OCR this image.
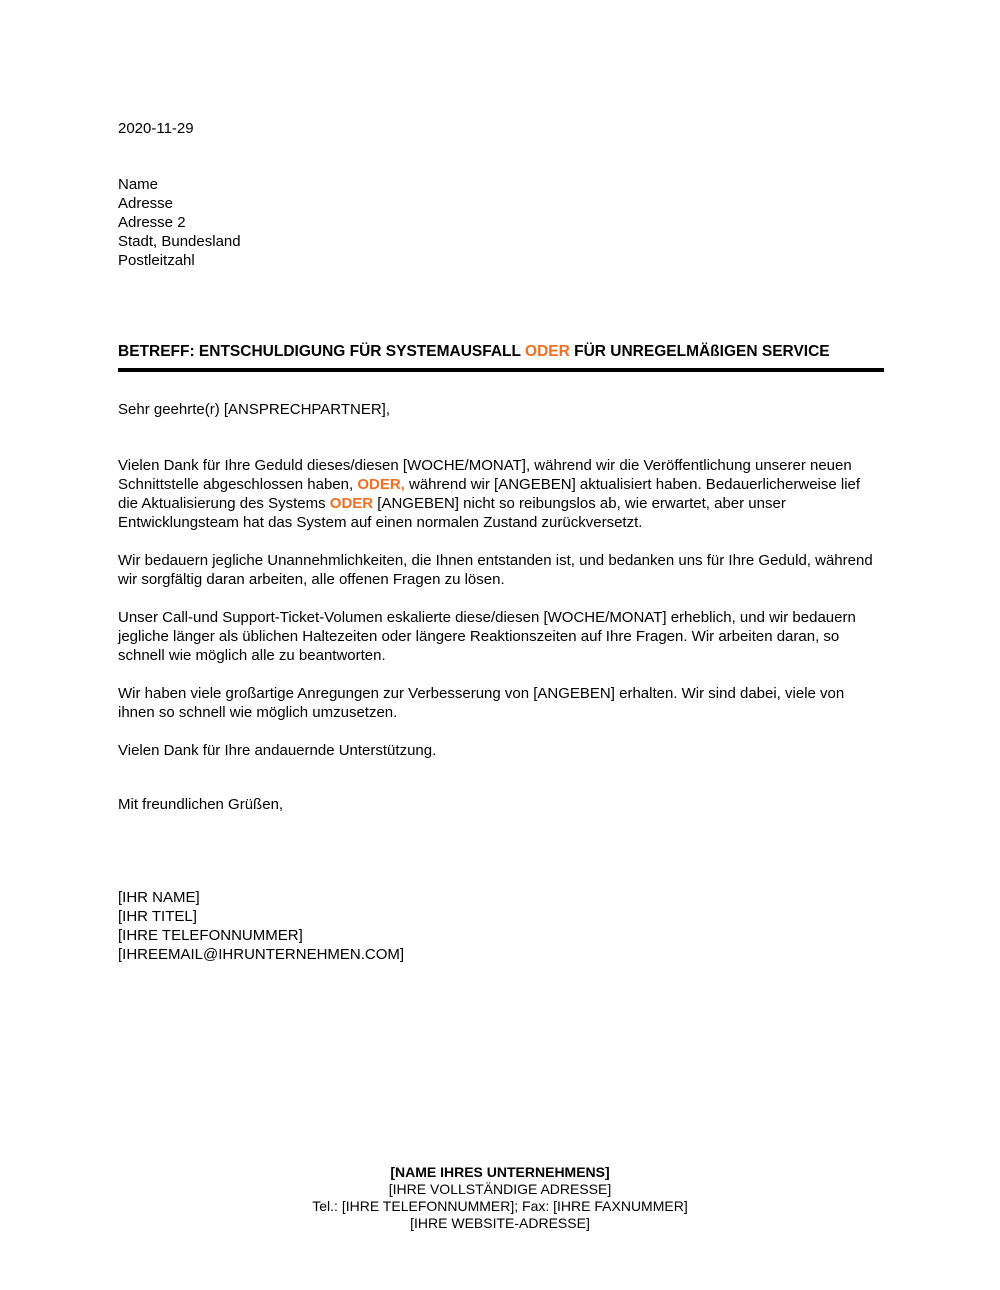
2020-11-29
Name
Adresse
Adresse 2
Stadt, Bundesland
Postleitzahl
BETREFF: ENTSCHULDIGUNG FÜR SYSTEMAUSFALL ODER FÜR UNREGELMÄßIGEN SERVICE
Sehr geehrte(r) [ANSPRECHPARTNER],

Vielen Dank für Ihre Geduld dieses/diesen [WOCHE/MONAT], während wir die Veröffentlichung unserer neuen Schnittstelle abgeschlossen haben, ODER, während wir [ANGEBEN] aktualisiert haben. Bedauerlicherweise lief die Aktualisierung des Systems ODER [ANGEBEN] nicht so reibungslos ab, wie erwartet, aber unser Entwicklungsteam hat das System auf einen normalen Zustand zurückversetzt.

Wir bedauern jegliche Unannehmlichkeiten, die Ihnen entstanden ist, und bedanken uns für Ihre Geduld, während wir sorgfältig daran arbeiten, alle offenen Fragen zu lösen.

Unser Call-und Support-Ticket-Volumen eskalierte diese/diesen [WOCHE/MONAT] erheblich, und wir bedauern jegliche länger als üblichen Haltezeiten oder längere Reaktionszeiten auf Ihre Fragen. Wir arbeiten daran, so schnell wie möglich alle zu beantworten.

Wir haben viele großartige Anregungen zur Verbesserung von [ANGEBEN] erhalten. Wir sind dabei, viele von ihnen so schnell wie möglich umzusetzen.

Vielen Dank für Ihre andauernde Unterstützung.

Mit freundlichen Grüßen,
[IHR NAME]
[IHR TITEL]
[IHRE TELEFONNUMMER]
[IHREEMAIL@IHRUNTERNEHMEN.COM]
[NAME IHRES UNTERNEHMENS]
[IHRE VOLLSTÄNDIGE ADRESSE]
Tel.: [IHRE TELEFONNUMMER]; Fax: [IHRE FAXNUMMER]
[IHRE WEBSITE-ADRESSE]
